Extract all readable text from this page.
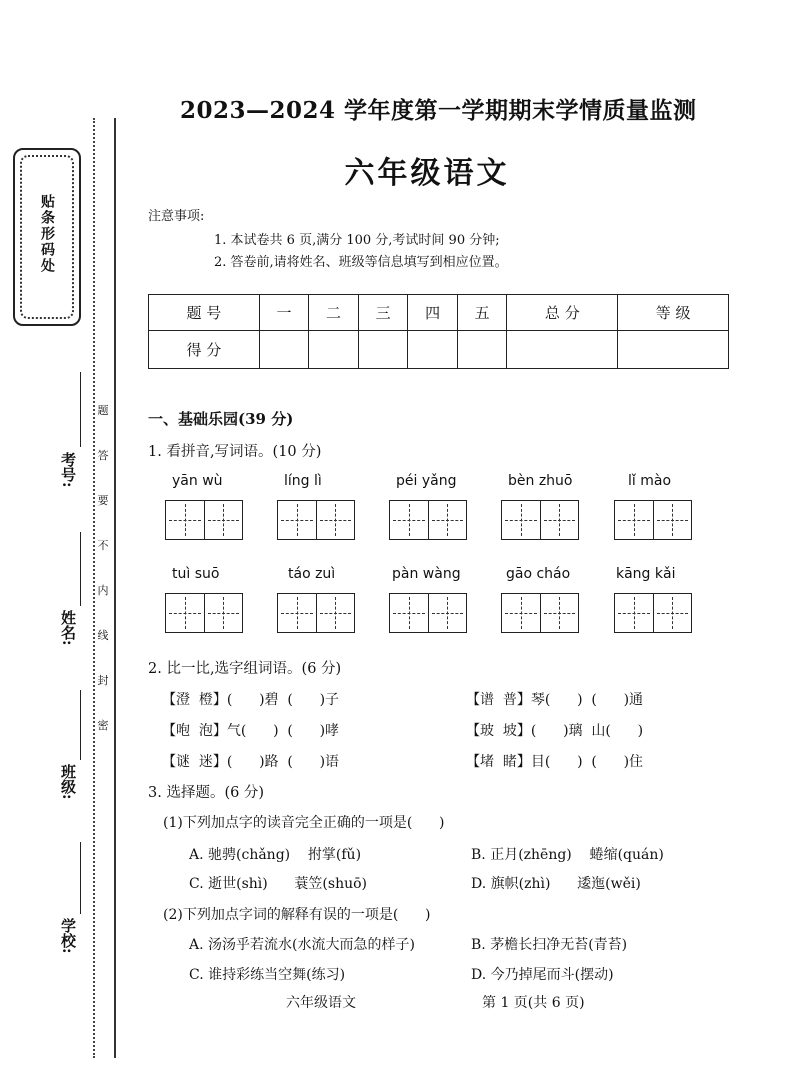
贴条形码处
题
答
要
不
内
线
封
密
考号:
姓名:
班级:
学校:
2023—2024 学年度第一学期期末学情质量监测
六年级语文
注意事项:
1. 本试卷共 6 页,满分 100 分,考试时间 90 分钟;
2. 答卷前,请将姓名、班级等信息填写到相应位置。
题 号	一	二	三	四	五	总 分	等 级
得 分							
一、基础乐园(39 分)
1. 看拼音,写词语。(10 分)
yān wù	líng lì	péi yǎng	bèn zhuō	lǐ mào
tuì suō	táo zuì	pàn wàng	gāo cháo	kāng kǎi
2. 比一比,选字组词语。(6 分)
【澄  橙】(      )碧  (      )子	【谱  普】琴(      )  (      )通
【咆  泡】气(      )  (      )哮	【玻  坡】(      )璃  山(      )
【谜  迷】(      )路  (      )语	【堵  睹】目(      )  (      )住
3. 选择题。(6 分)
(1)下列加点字的读音完全正确的一项是(      )
A. 驰骋(chǎng)    拊掌(fǔ)	B. 正月(zhēng)    蜷缩(quán)
C. 逝世(shì)      蓑笠(shuō)	D. 旗帜(zhì)      逶迤(wěi)
(2)下列加点字词的解释有误的一项是(      )
A. 汤汤乎若流水(水流大而急的样子)	B. 茅檐长扫净无苔(青苔)
C. 谁持彩练当空舞(练习)	D. 今乃掉尾而斗(摆动)
六年级语文	第 1 页(共 6 页)
